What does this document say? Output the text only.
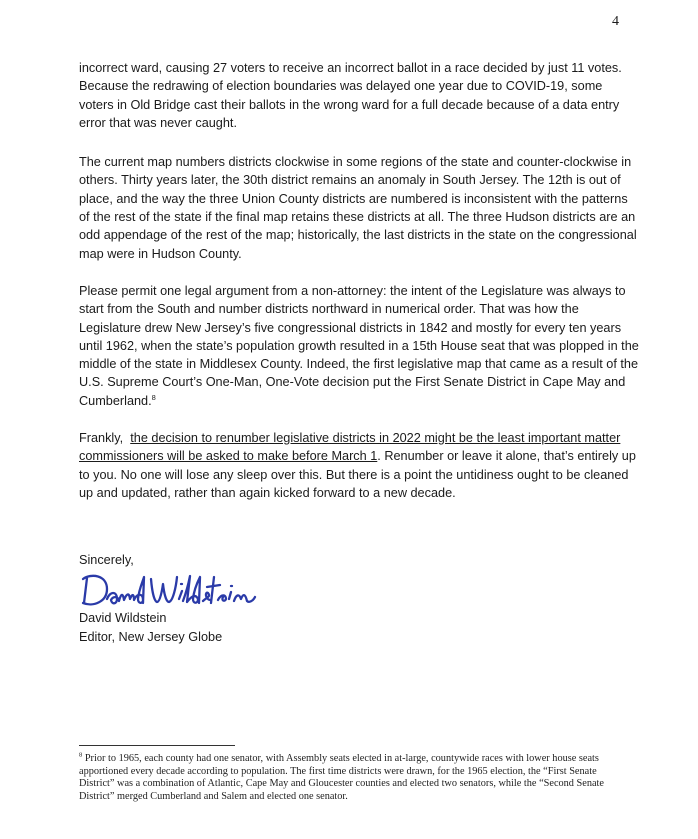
4

incorrect ward, causing 27 voters to receive an incorrect ballot in a race decided by just 11 votes. Because the redrawing of election boundaries was delayed one year due to COVID-19, some voters in Old Bridge cast their ballots in the wrong ward for a full decade because of a data entry error that was never caught.

The current map numbers districts clockwise in some regions of the state and counter-clockwise in others. Thirty years later, the 30th district remains an anomaly in South Jersey. The 12th is out of place, and the way the three Union County districts are numbered is inconsistent with the patterns of the rest of the state if the final map retains these districts at all. The three Hudson districts are an odd appendage of the rest of the map; historically, the last districts in the state on the congressional map were in Hudson County.

Please permit one legal argument from a non-attorney: the intent of the Legislature was always to start from the South and number districts northward in numerical order. That was how the Legislature drew New Jersey’s five congressional districts in 1842 and mostly for every ten years until 1962, when the state’s population growth resulted in a 15th House seat that was plopped in the middle of the state in Middlesex County. Indeed, the first legislative map that came as a result of the U.S. Supreme Court’s One-Man, One-Vote decision put the First Senate District in Cape May and Cumberland.$^8$

Frankly,  the decision to renumber legislative districts in 2022 might be the least important matter commissioners will be asked to make before March 1. Renumber or leave it alone, that’s entirely up to you. No one will lose any sleep over this. But there is a point the untidiness ought to be cleaned up and updated, rather than again kicked forward to a new decade.

Sincerely,
David Wildstein
Editor, New Jersey Globe
$^8$ Prior to 1965, each county had one senator, with Assembly seats elected in at-large, countywide races with lower house seats apportioned every decade according to population. The first time districts were drawn, for the 1965 election, the “First Senate District” was a combination of Atlantic, Cape May and Gloucester counties and elected two senators, while the “Second Senate District” merged Cumberland and Salem and elected one senator.
